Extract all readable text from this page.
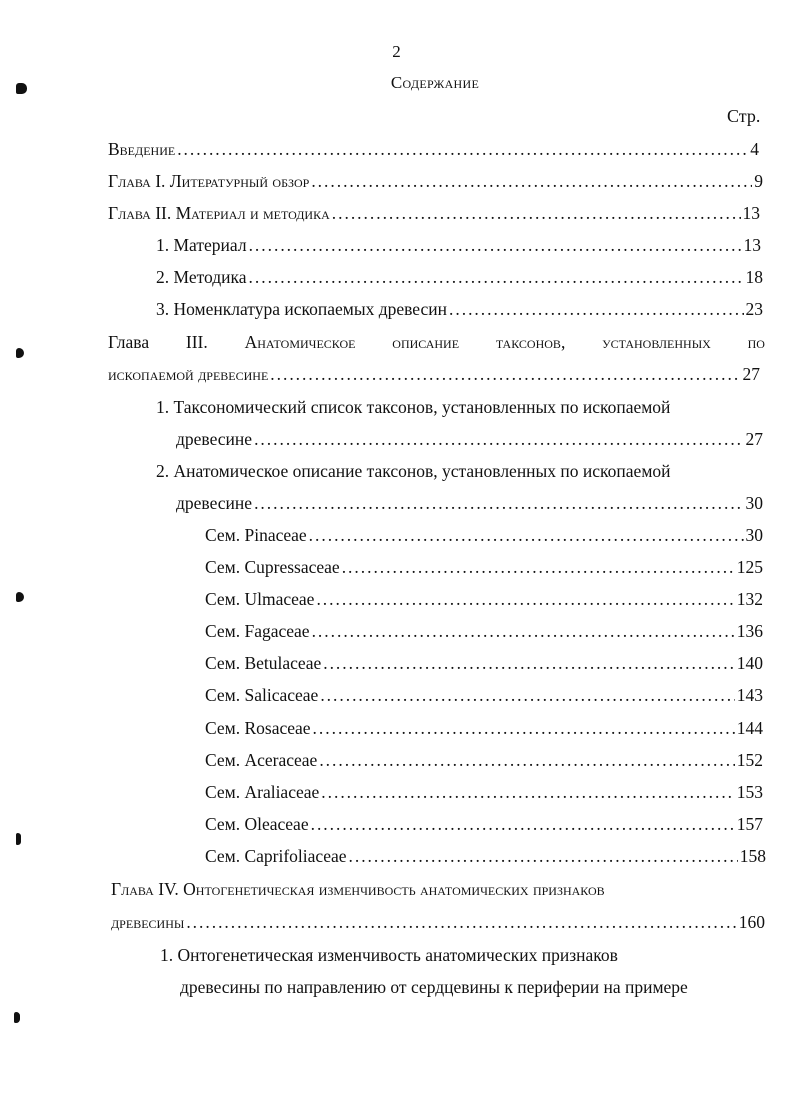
2
Содержание
Стр.
Введение . . .	4
Глава I. Литературный обзор . . .	9
Глава II. Материал и методика . . .	13
1. Материал . . .	13
2. Методика . . .	18
3. Номенклатура ископаемых древесин . . .	23
Глава III. Анатомическое описание таксонов, установленных по
ископаемой древесине . . .	27
1. Таксономический список таксонов, установленных по ископаемой
древесине . . .	27
2. Анатомическое описание таксонов, установленных по ископаемой
древесине . . .	30
Сем. Pinaceae . . .	30
Сем. Cupressaceae . . .	125
Сем. Ulmaceae . . .	132
Сем. Fagaceae . . .	136
Сем. Betulaceae . . .	140
Сем. Salicaceae . . .	143
Сем. Rosaceae . . .	144
Сем. Aceraceae . . .	152
Сем. Araliaceae . . .	153
Сем. Oleaceae . . .	157
Сем. Caprifoliaceae . . .	158
Глава IV. Онтогенетическая изменчивость анатомических признаков
древесины . . .	160
1. Онтогенетическая изменчивость анатомических признаков
древесины по направлению от сердцевины к периферии на примере
